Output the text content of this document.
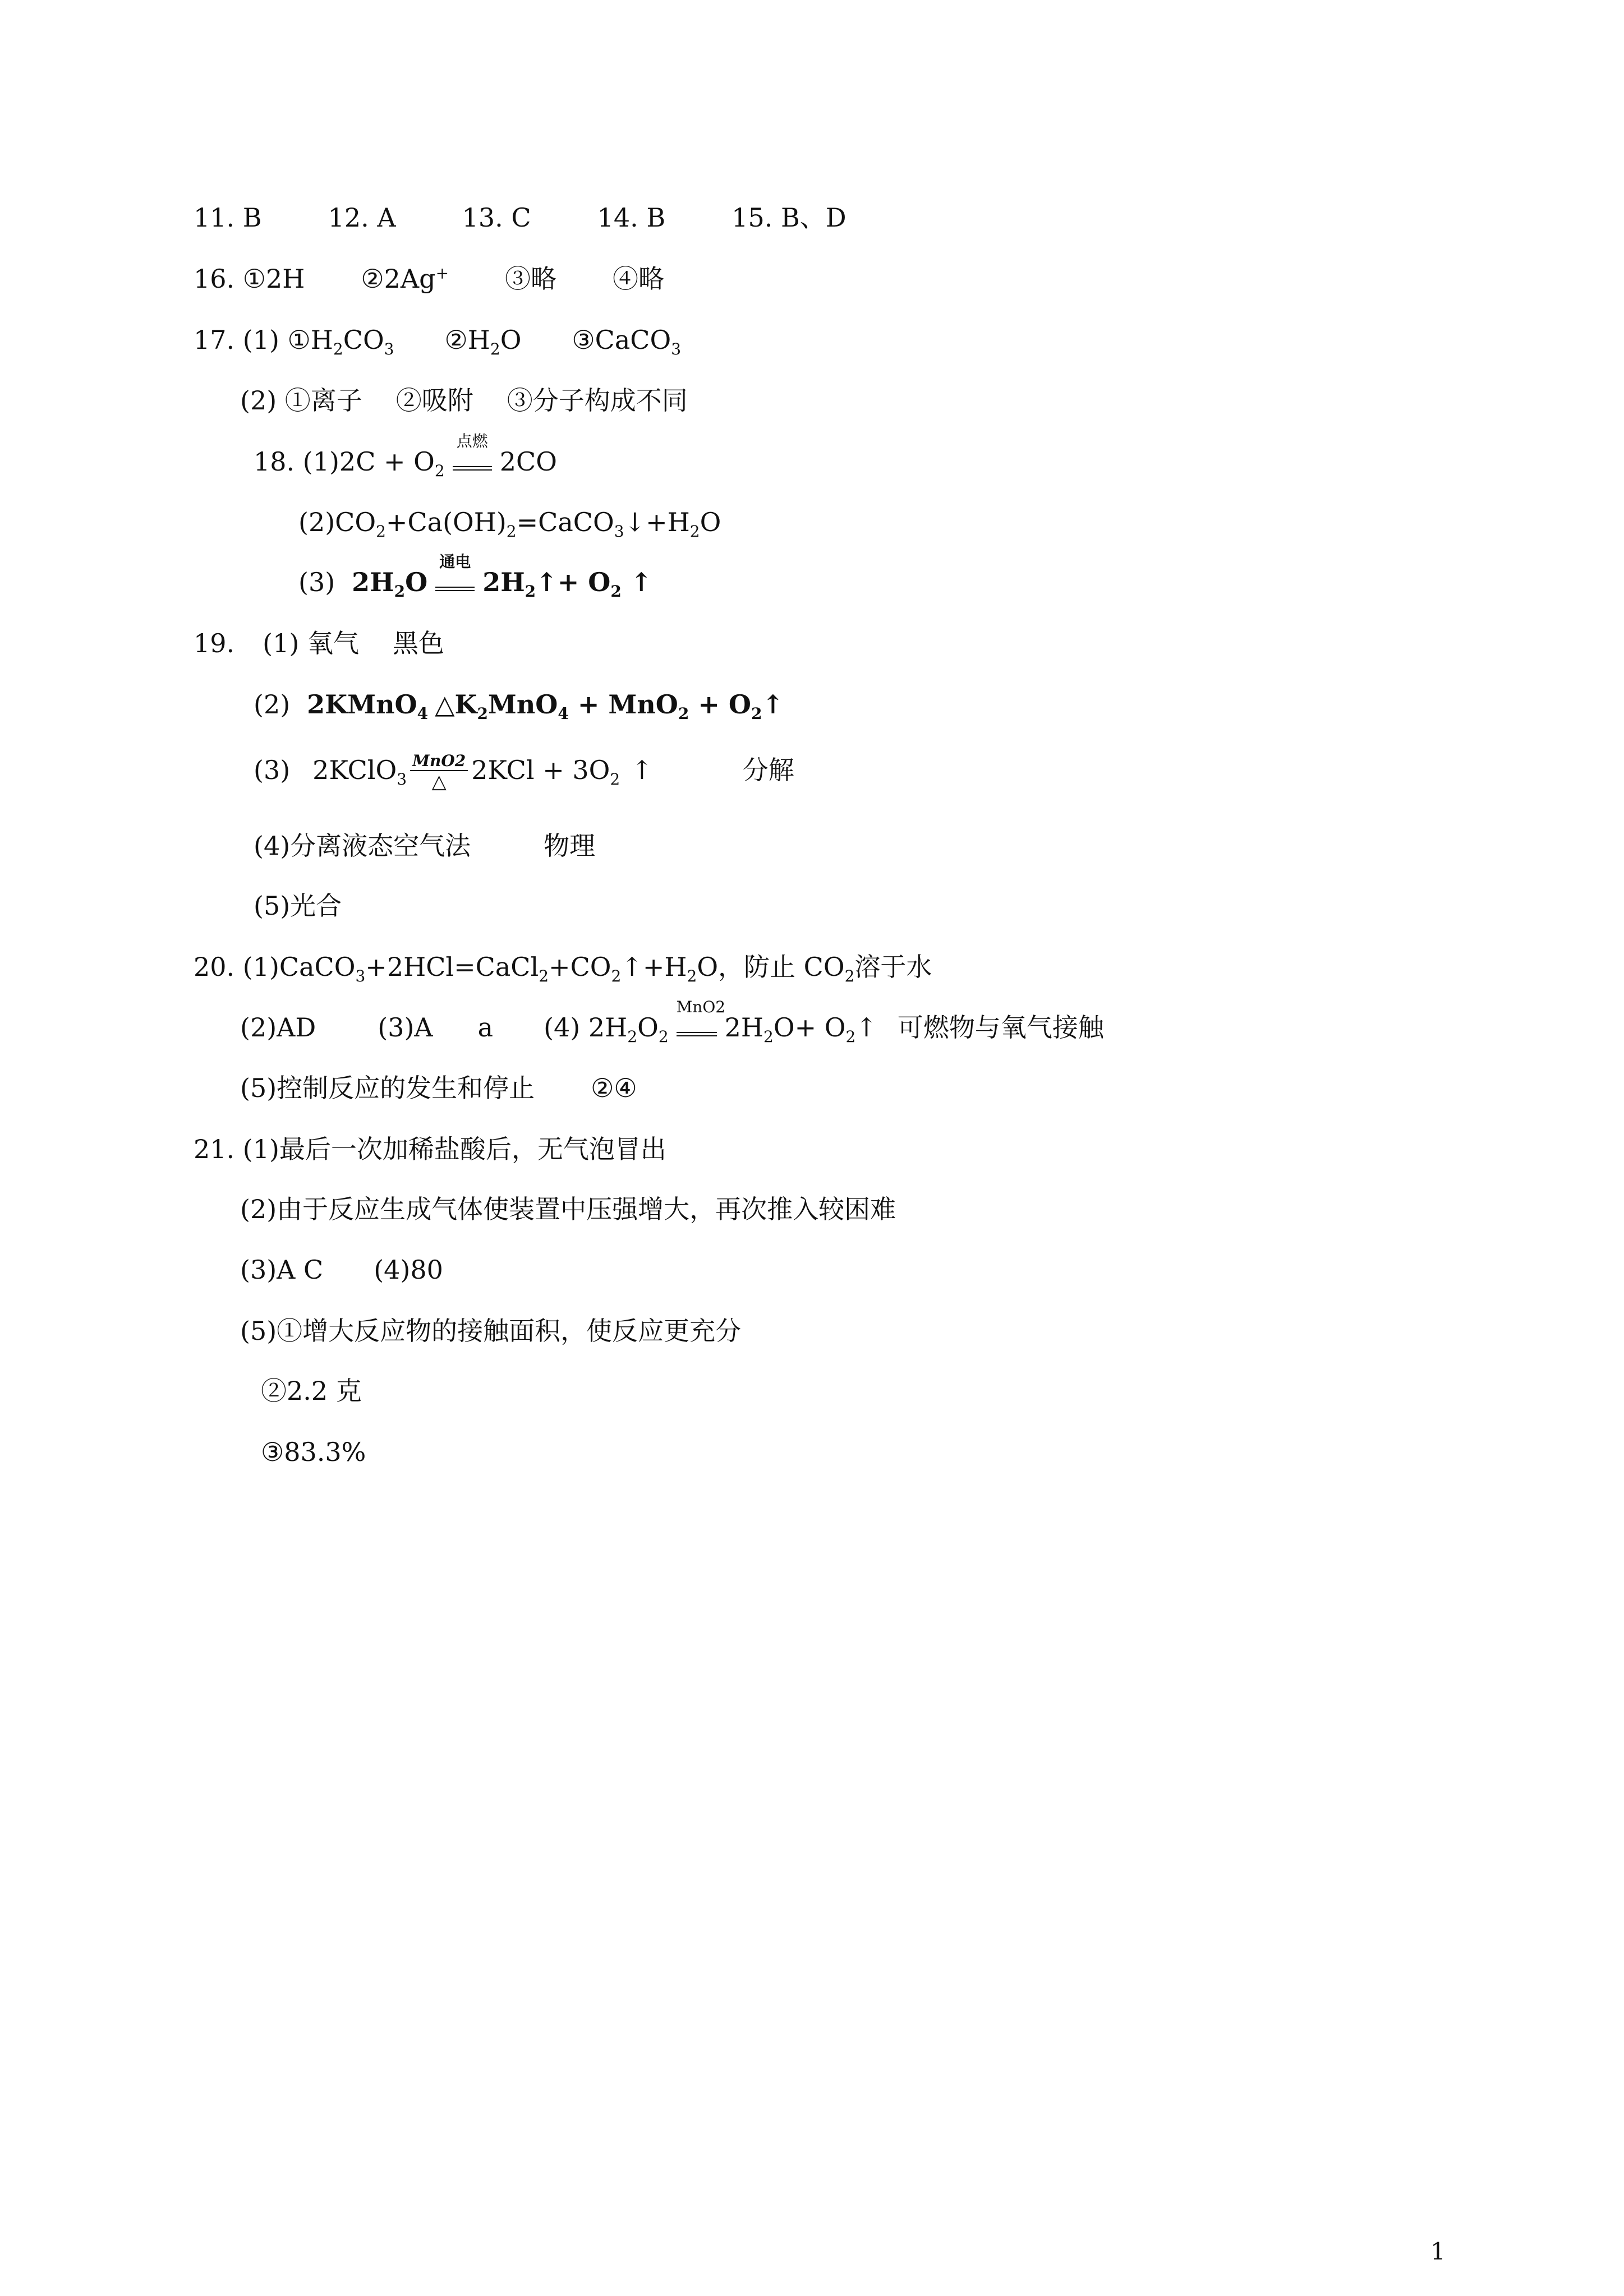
11. B	12. A	13. C	14. B	15. B、D
16. ①2H ②2Ag+ ③略 ④略
17. (1) $①H_2CO_3$ $②H_2O$ ③CaCO$_3$
(2) ①离子 ②吸附 ③分子构成不同
18. $(1)2C + O_2$
点燃
2CO
$(2)CO_2+Ca(OH)_2=CaCO_3↓+H_2O$
(3) $2H_2O$
通电
$2H_2↑+ O_2$ ↑
19. (1) 氧气 黑色
(2) 2KMnO$_4$ $\triangle K_2MnO_4 + MnO_2$ + $O_2↑$
(3) 2KClO$_3$ $\frac{\text{MnO2}}{\triangle} 2KCl + 3O_2$ ↑	分解
(4)分离液态空气法	物理
(5)光合
20. $(1)CaCO_3+2HCl=CaCl_2+CO_2↑+H_2O$，防止 $CO_2$溶于水
(2)AD (3)A a (4) $2H_2O_2$
MnO2
$2H_2O+$ $O_2↑$ 可燃物与氧气接触
(5)控制反应的发生和停止 ②④
21. (1)最后一次加稀盐酸后，无气泡冒出
(2)由于反应生成气体使装置中压强增大，再次推入较困难
(3)A C (4)80
(5)①增大反应物的接触面积，使反应更充分
②2.2 克
③83.3%
1
